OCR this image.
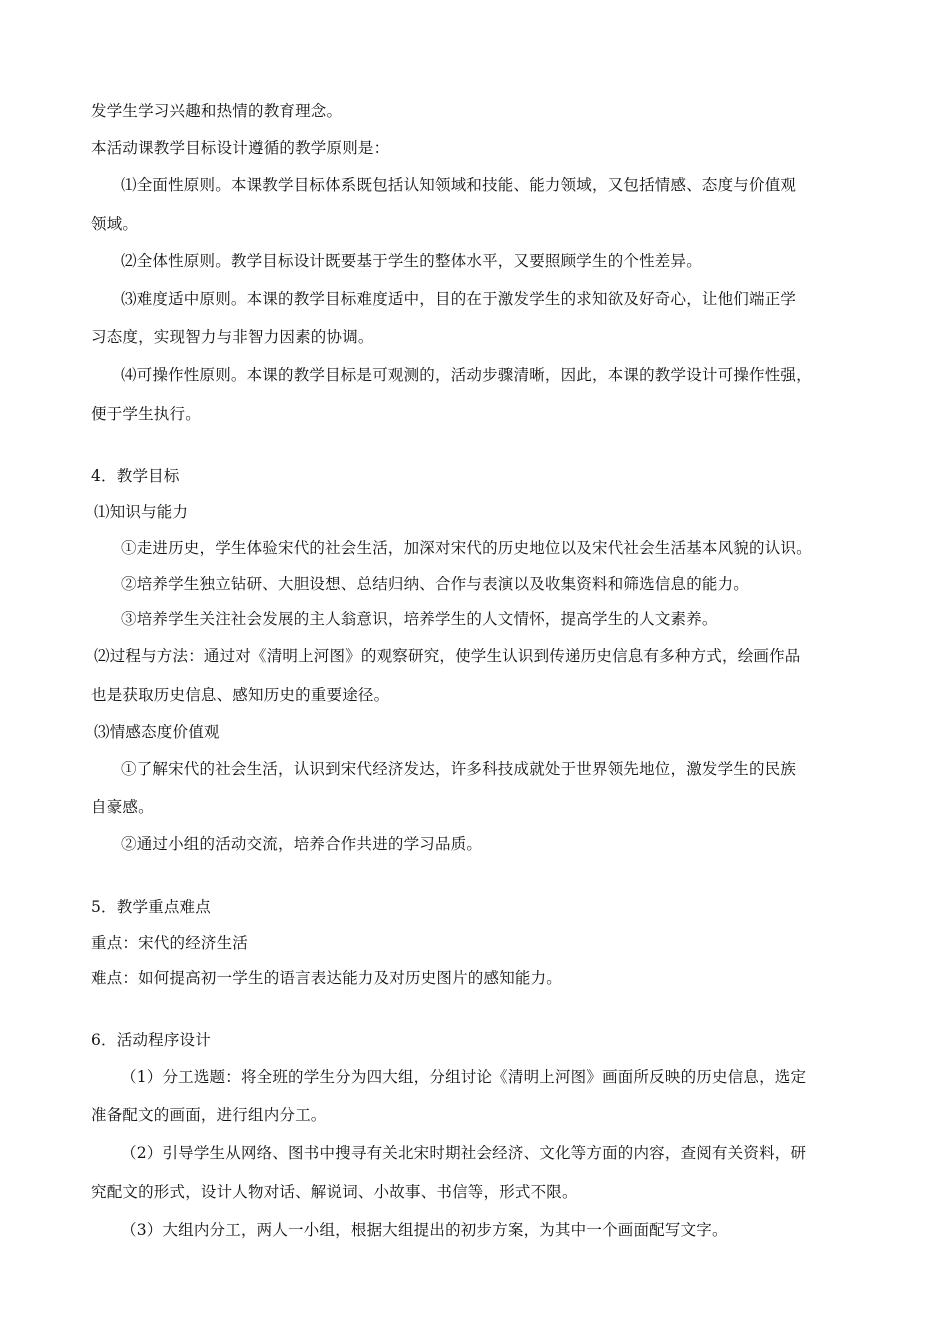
发学生学习兴趣和热情的教育理念。
本活动课教学目标设计遵循的教学原则是：
⑴全面性原则。本课教学目标体系既包括认知领域和技能、能力领域，又包括情感、态度与价值观
领域。
⑵全体性原则。教学目标设计既要基于学生的整体水平，又要照顾学生的个性差异。
⑶难度适中原则。本课的教学目标难度适中，目的在于激发学生的求知欲及好奇心，让他们端正学
习态度，实现智力与非智力因素的协调。
⑷可操作性原则。本课的教学目标是可观测的，活动步骤清晰，因此，本课的教学设计可操作性强，
便于学生执行。
4．教学目标
⑴知识与能力
①走进历史，学生体验宋代的社会生活，加深对宋代的历史地位以及宋代社会生活基本风貌的认识。
②培养学生独立钻研、大胆设想、总结归纳、合作与表演以及收集资料和筛选信息的能力。
③培养学生关注社会发展的主人翁意识，培养学生的人文情怀，提高学生的人文素养。
⑵过程与方法：通过对《清明上河图》的观察研究，使学生认识到传递历史信息有多种方式，绘画作品
也是获取历史信息、感知历史的重要途径。
⑶情感态度价值观
①了解宋代的社会生活，认识到宋代经济发达，许多科技成就处于世界领先地位，激发学生的民族
自豪感。
②通过小组的活动交流，培养合作共进的学习品质。
5．教学重点难点
重点：宋代的经济生活
难点：如何提高初一学生的语言表达能力及对历史图片的感知能力。
6．活动程序设计
（1）分工选题：将全班的学生分为四大组，分组讨论《清明上河图》画面所反映的历史信息，选定
准备配文的画面，进行组内分工。
（2）引导学生从网络、图书中搜寻有关北宋时期社会经济、文化等方面的内容，查阅有关资料，研
究配文的形式，设计人物对话、解说词、小故事、书信等，形式不限。
（3）大组内分工，两人一小组，根据大组提出的初步方案，为其中一个画面配写文字。
